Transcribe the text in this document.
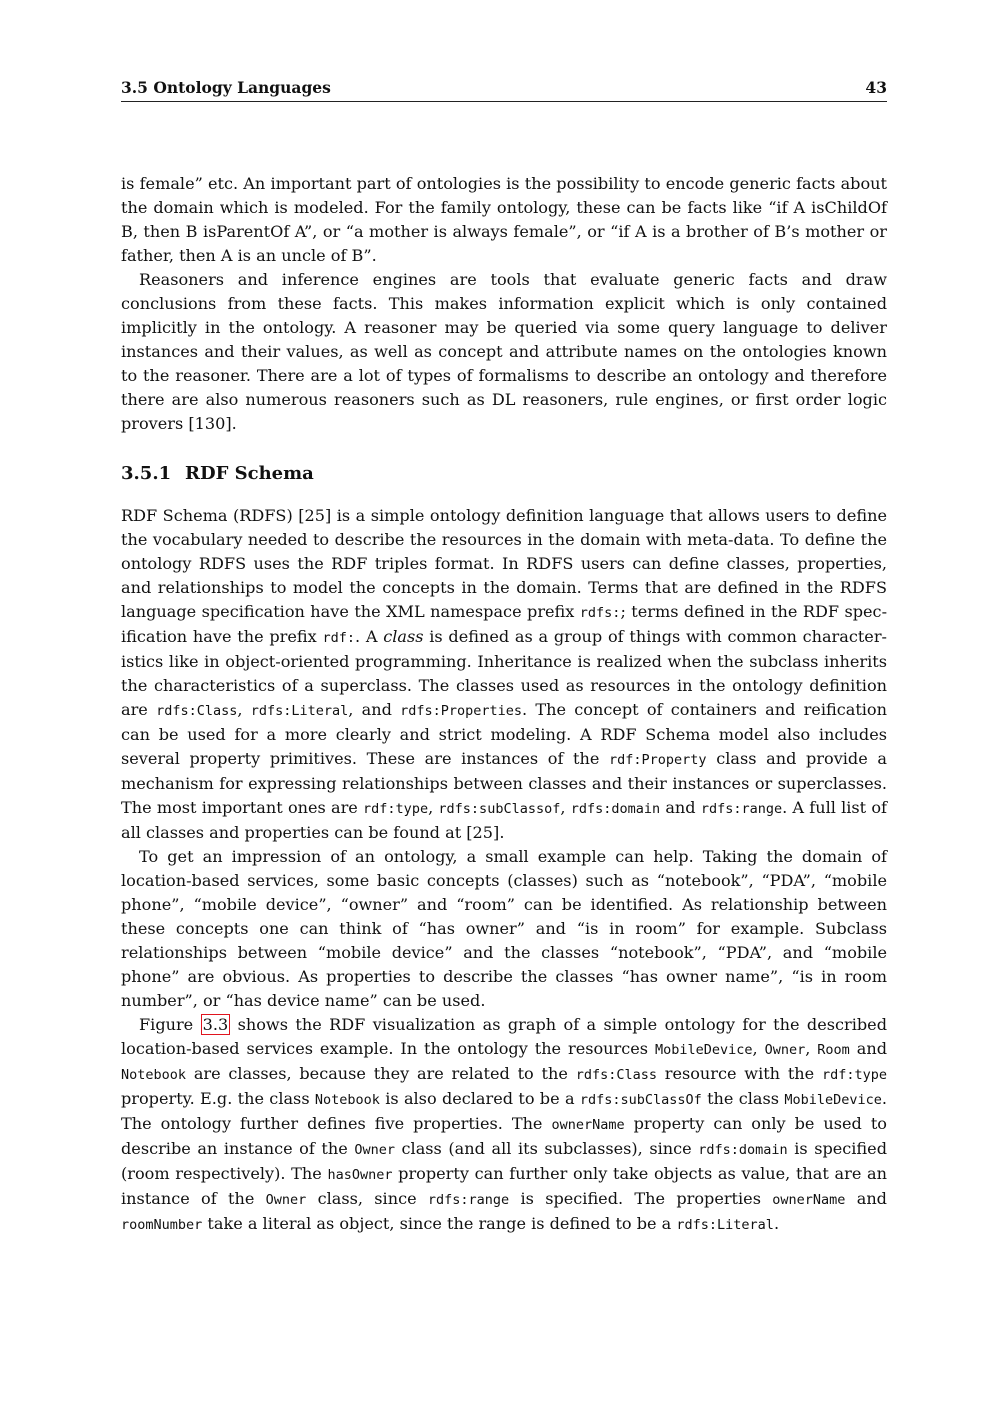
3.5 Ontology Languages	43

is female” etc. An important part of ontologies is the possibility to encode generic facts about the domain which is modeled. For the family ontology, these can be facts like “if A isChildOf B, then B isParentOf A”, or “a mother is always female”, or “if A is a brother of B’s mother or father, then A is an uncle of B”.

Reasoners and inference engines are tools that evaluate generic facts and draw conclusions from these facts. This makes information explicit which is only contained implicitly in the ontology. A reasoner may be queried via some query language to deliver instances and their values, as well as concept and attribute names on the ontologies known to the reasoner. There are a lot of types of formalisms to describe an ontology and therefore there are also numerous reasoners such as DL reasoners, rule engines, or first order logic provers [130].

3.5.1 RDF Schema

RDF Schema (RDFS) [25] is a simple ontology definition language that allows users to define the vocabulary needed to describe the resources in the domain with meta-data. To define the ontology RDFS uses the RDF triples format. In RDFS users can define classes, properties, and relationships to model the concepts in the domain. Terms that are defined in the RDFS language specification have the XML namespace prefix rdfs:; terms defined in the RDF specification have the prefix rdf:. A class is defined as a group of things with common characteristics like in object-oriented programming. Inheritance is realized when the subclass inherits the characteristics of a superclass. The classes used as resources in the ontology definition are rdfs:Class, rdfs:Literal, and rdfs:Properties. The concept of containers and reification can be used for a more clearly and strict modeling. A RDF Schema model also includes several property primitives. These are instances of the rdf:Property class and provide a mechanism for expressing relationships between classes and their instances or superclasses. The most important ones are rdf:type, rdfs:subClassof, rdfs:domain and rdfs:range. A full list of all classes and properties can be found at [25].

To get an impression of an ontology, a small example can help. Taking the domain of location-based services, some basic concepts (classes) such as “notebook”, “PDA”, “mobile phone”, “mobile device”, “owner” and “room” can be identified. As relationship between these concepts one can think of “has owner” and “is in room” for example. Subclass relationships between “mobile device” and the classes “notebook”, “PDA”, and “mobile phone” are obvious. As properties to describe the classes “has owner name”, “is in room number”, or “has device name” can be used.

Figure 3.3 shows the RDF visualization as graph of a simple ontology for the described location-based services example. In the ontology the resources MobileDevice, Owner, Room and Notebook are classes, because they are related to the rdfs:Class resource with the rdf:type property. E.g. the class Notebook is also declared to be a rdfs:subClassOf the class MobileDevice. The ontology further defines five properties. The ownerName property can only be used to describe an instance of the Owner class (and all its subclasses), since rdfs:domain is specified (room respectively). The hasOwner property can further only take objects as value, that are an instance of the Owner class, since rdfs:range is specified. The properties ownerName and roomNumber take a literal as object, since the range is defined to be a rdfs:Literal.
